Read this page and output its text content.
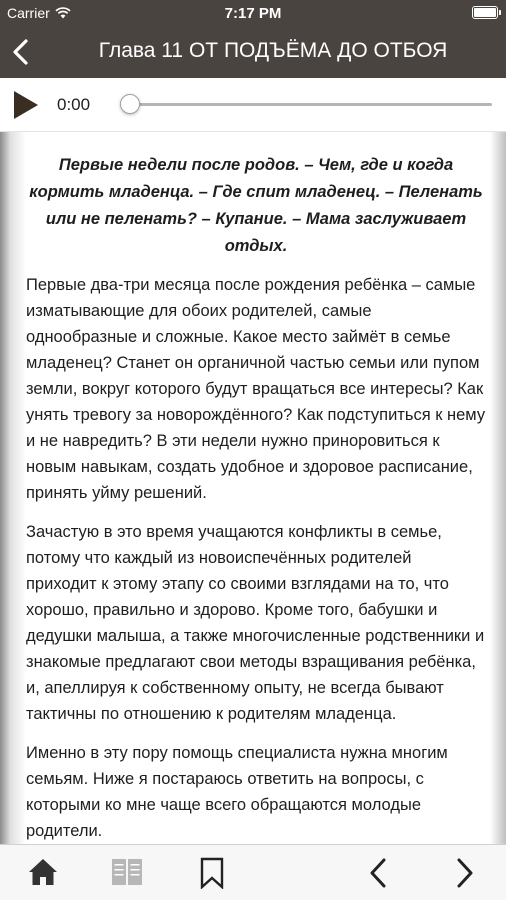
Carrier	7:17 PM
Глава 11 ОТ ПОДЪЁМА ДО ОТБОЯ
0:00

Первые недели после родов. – Чем, где и когда кормить младенца. – Где спит младенец. – Пеленать или не пеленать? – Купание. – Мама заслуживает отдых.

Первые два-три месяца после рождения ребёнка – самые изматывающие для обоих родителей, самые однообразные и сложные. Какое место займёт в семье младенец? Станет он органичной частью семьи или пупом земли, вокруг которого будут вращаться все интересы? Как унять тревогу за новорождённого? Как подступиться к нему и не навредить? В эти недели нужно приноровиться к новым навыкам, создать удобное и здоровое расписание, принять уйму решений.

Зачастую в это время учащаются конфликты в семье, потому что каждый из новоиспечённых родителей приходит к этому этапу со своими взглядами на то, что хорошо, правильно и здорово. Кроме того, бабушки и дедушки малыша, а также многочисленные родственники и знакомые предлагают свои методы взращивания ребёнка, и, апеллируя к собственному опыту, не всегда бывают тактичны по отношению к родителям младенца.

Именно в эту пору помощь специалиста нужна многим семьям. Ниже я постараюсь ответить на вопросы, с которыми ко мне чаще всего обращаются молодые родители.
